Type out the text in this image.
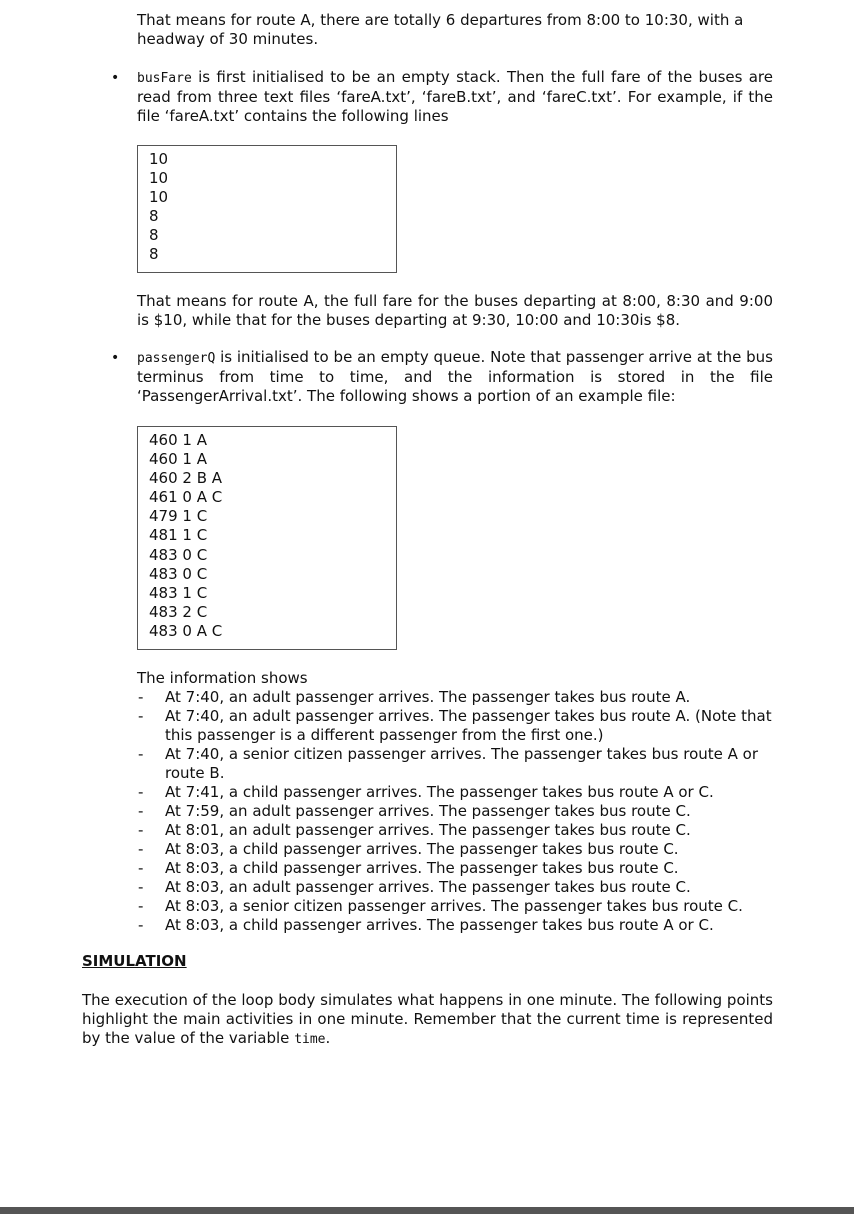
That means for route A, there are totally 6 departures from 8:00 to 10:30, with a headway of 30 minutes.

• busFare is first initialised to be an empty stack. Then the full fare of the buses are read from three text files ‘fareA.txt’, ‘fareB.txt’, and ‘fareC.txt’. For example, if the file ‘fareA.txt’ contains the following lines

10
10
10
8
8
8

That means for route A, the full fare for the buses departing at 8:00, 8:30 and 9:00 is $10, while that for the buses departing at 9:30, 10:00 and 10:30is $8.

• passengerQ is initialised to be an empty queue. Note that passenger arrive at the bus terminus from time to time, and the information is stored in the file ‘PassengerArrival.txt’. The following shows a portion of an example file:

460 1 A
460 1 A
460 2 B A
461 0 A C
479 1 C
481 1 C
483 0 C
483 0 C
483 1 C
483 2 C
483 0 A C

The information shows

- At 7:40, an adult passenger arrives. The passenger takes bus route A.
- At 7:40, an adult passenger arrives. The passenger takes bus route A. (Note that this passenger is a different passenger from the first one.)
- At 7:40, a senior citizen passenger arrives. The passenger takes bus route A or route B.
- At 7:41, a child passenger arrives. The passenger takes bus route A or C.
- At 7:59, an adult passenger arrives. The passenger takes bus route C.
- At 8:01, an adult passenger arrives. The passenger takes bus route C.
- At 8:03, a child passenger arrives. The passenger takes bus route C.
- At 8:03, a child passenger arrives. The passenger takes bus route C.
- At 8:03, an adult passenger arrives. The passenger takes bus route C.
- At 8:03, a senior citizen passenger arrives. The passenger takes bus route C.
- At 8:03, a child passenger arrives. The passenger takes bus route A or C.
SIMULATION

The execution of the loop body simulates what happens in one minute. The following points highlight the main activities in one minute. Remember that the current time is represented by the value of the variable time.
